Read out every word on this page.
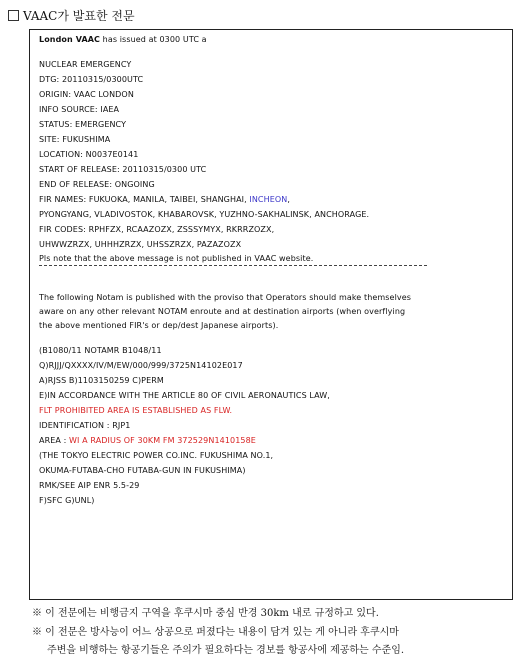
VAAC가 발표한 전문
London VAAC has issued at 0300 UTC a
NUCLEAR EMERGENCY
DTG: 20110315/0300UTC
ORIGIN: VAAC LONDON
INFO SOURCE: IAEA
STATUS: EMERGENCY
SITE: FUKUSHIMA
LOCATION: N0037E0141
START OF RELEASE: 20110315/0300 UTC
END OF RELEASE: ONGOING
FIR NAMES: FUKUOKA, MANILA, TAIBEI, SHANGHAI, INCHEON,
PYONGYANG, VLADIVOSTOK, KHABAROVSK, YUZHNO-SAKHALINSK, ANCHORAGE.
FIR CODES: RPHFZX, RCAAZOZX, ZSSSYMYX, RKRRZOZX,
UHWWZRZX, UHHHZRZX, UHSSZRZX, PAZAZOZX
Pls note that the above message is not published in VAAC website.
The following Notam is published with the proviso that Operators should make themselves
aware on any other relevant NOTAM enroute and at destination airports (when overflying
the above mentioned FIR's or dep/dest Japanese airports).
(B1080/11 NOTAMR B1048/11
Q)RJJJ/QXXXX/IV/M/EW/000/999/3725N14102E017
A)RJSS B)1103150259 C)PERM
E)IN ACCORDANCE WITH THE ARTICLE 80 OF CIVIL AERONAUTICS LAW,
FLT PROHIBITED AREA IS ESTABLISHED AS FLW.
IDENTIFICATION : RJP1
AREA : WI A RADIUS OF 30KM FM 372529N1410158E
(THE TOKYO ELECTRIC POWER CO.INC. FUKUSHIMA NO.1,
OKUMA-FUTABA-CHO FUTABA-GUN IN FUKUSHIMA)
RMK/SEE AIP ENR 5.5-29
F)SFC G)UNL)
※ 이 전문에는 비행금지 구역을 후쿠시마 중심 반경 30km 내로 규정하고 있다.
※ 이 전문은 방사능이 어느 상공으로 퍼졌다는 내용이 담겨 있는 게 아니라 후쿠시마
주변을 비행하는 항공기들은 주의가 필요하다는 경보를 항공사에 제공하는 수준임.
